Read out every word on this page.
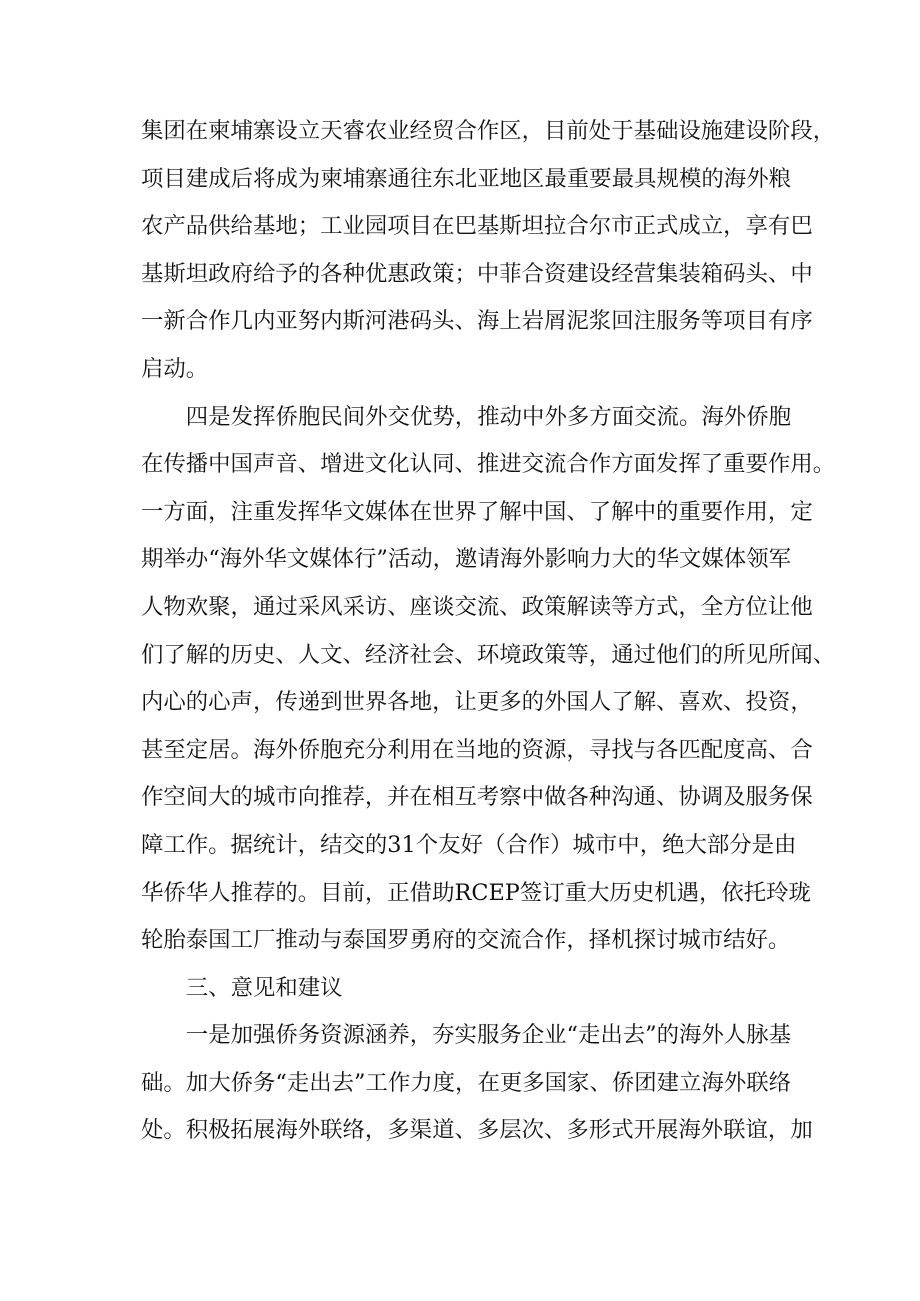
集团在柬埔寨设立天睿农业经贸合作区，目前处于基础设施建设阶段，
项目建成后将成为柬埔寨通往东北亚地区最重要最具规模的海外粮
农产品供给基地；工业园项目在巴基斯坦拉合尔市正式成立，享有巴
基斯坦政府给予的各种优惠政策；中菲合资建设经营集装箱码头、中
一新合作几内亚努内斯河港码头、海上岩屑泥浆回注服务等项目有序
启动。
四是发挥侨胞民间外交优势，推动中外多方面交流。海外侨胞
在传播中国声音、增进文化认同、推进交流合作方面发挥了重要作用。
一方面，注重发挥华文媒体在世界了解中国、了解中的重要作用，定
期举办“海外华文媒体行”活动，邀请海外影响力大的华文媒体领军
人物欢聚，通过采风采访、座谈交流、政策解读等方式，全方位让他
们了解的历史、人文、经济社会、环境政策等，通过他们的所见所闻、
内心的心声，传递到世界各地，让更多的外国人了解、喜欢、投资，
甚至定居。海外侨胞充分利用在当地的资源，寻找与各匹配度高、合
作空间大的城市向推荐，并在相互考察中做各种沟通、协调及服务保
障工作。据统计，结交的31个友好（合作）城市中，绝大部分是由
华侨华人推荐的。目前，正借助RCEP签订重大历史机遇，依托玲珑
轮胎泰国工厂推动与泰国罗勇府的交流合作，择机探讨城市结好。
三、意见和建议
一是加强侨务资源涵养，夯实服务企业“走出去”的海外人脉基
础。加大侨务“走出去”工作力度，在更多国家、侨团建立海外联络
处。积极拓展海外联络，多渠道、多层次、多形式开展海外联谊，加
